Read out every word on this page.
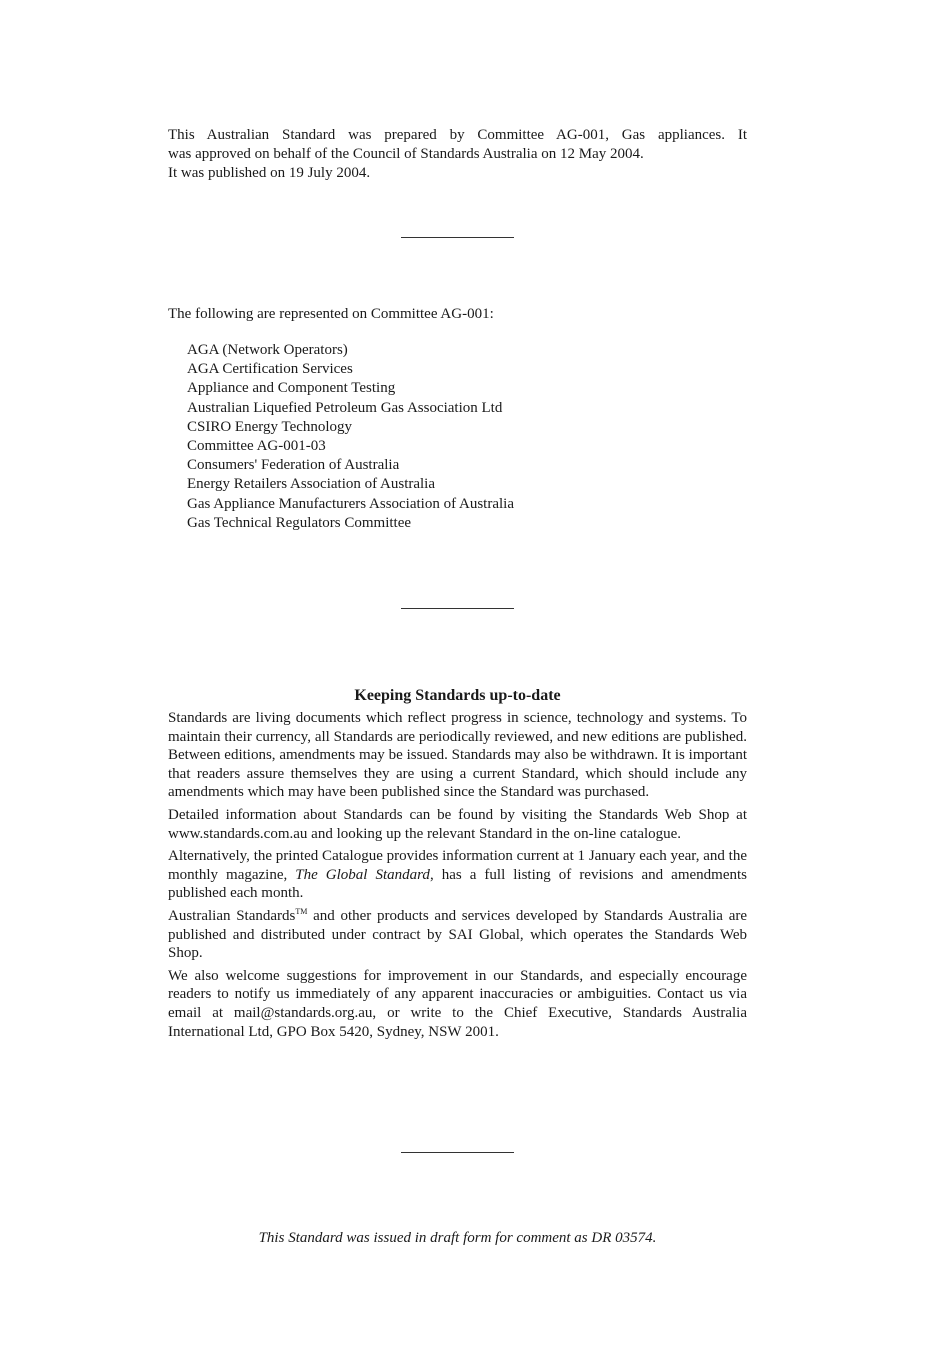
This Australian Standard was prepared by Committee AG-001, Gas appliances. It

was approved on behalf of the Council of Standards Australia on 12 May 2004.

It was published on 19 July 2004.

The following are represented on Committee AG-001:
AGA (Network Operators)
AGA Certification Services
Appliance and Component Testing
Australian Liquefied Petroleum Gas Association Ltd
CSIRO Energy Technology
Committee AG-001-03
Consumers' Federation of Australia
Energy Retailers Association of Australia
Gas Appliance Manufacturers Association of Australia
Gas Technical Regulators Committee
Keeping Standards up-to-date

Standards are living documents which reflect progress in science, technology and systems. To maintain their currency, all Standards are periodically reviewed, and new editions are published. Between editions, amendments may be issued. Standards may also be withdrawn. It is important that readers assure themselves they are using a current Standard, which should include any amendments which may have been published since the Standard was purchased.

Detailed information about Standards can be found by visiting the Standards Web Shop at www.standards.com.au and looking up the relevant Standard in the on-line catalogue.

Alternatively, the printed Catalogue provides information current at 1 January each year, and the monthly magazine, The Global Standard, has a full listing of revisions and amendments published each month.

Australian Standards™ and other products and services developed by Standards Australia are published and distributed under contract by SAI Global, which operates the Standards Web Shop.

We also welcome suggestions for improvement in our Standards, and especially encourage readers to notify us immediately of any apparent inaccuracies or ambiguities. Contact us via email at mail@standards.org.au, or write to the Chief Executive, Standards Australia International Ltd, GPO Box 5420, Sydney, NSW 2001.

This Standard was issued in draft form for comment as DR 03574.
